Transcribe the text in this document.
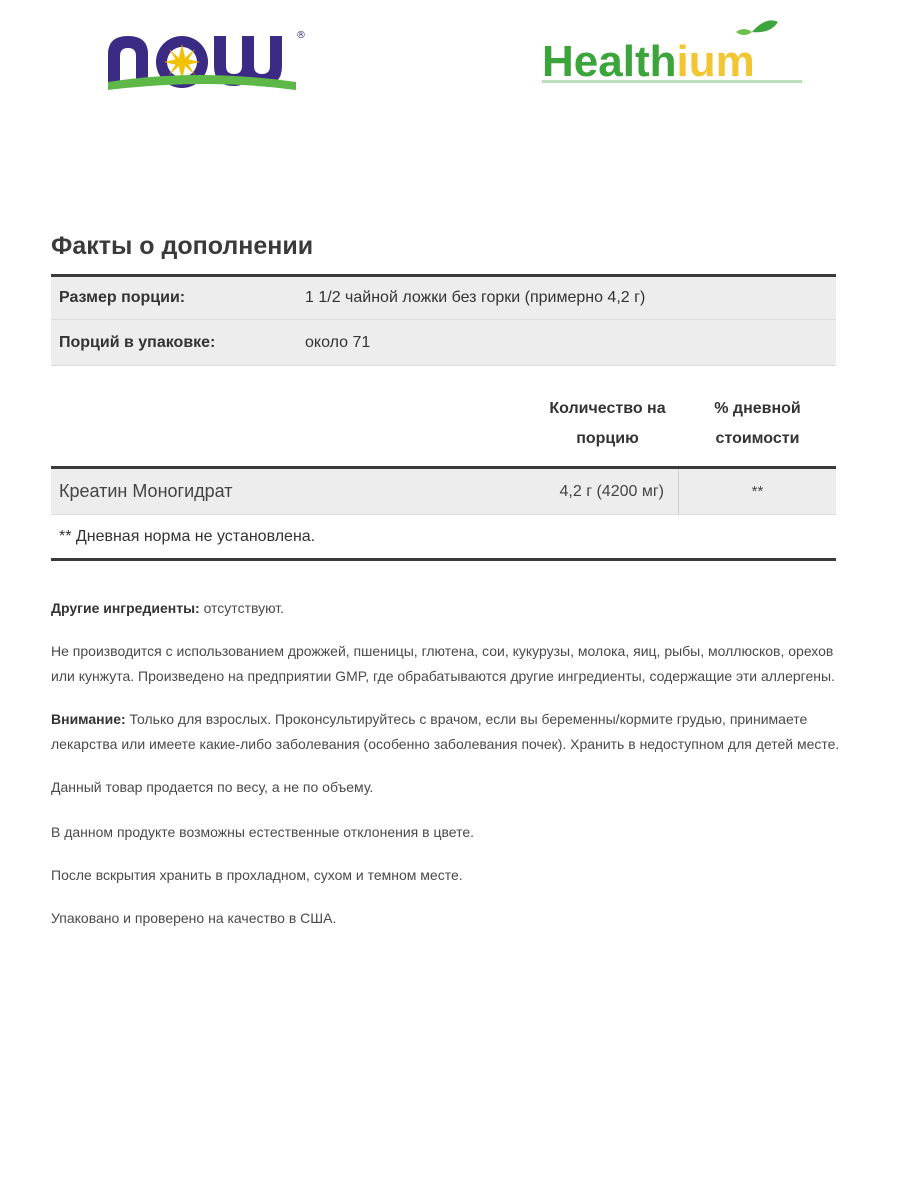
®
Healthium
Факты о дополнении
Размер порции:	1 1/2 чайной ложки без горки (примерно 4,2 г)
Порций в упаковке:	около 71
Количество на
порцию
% дневной
стоимости
Креатин Моногидрат	4,2 г (4200 мг)	**
** Дневная норма не установлена.

Другие ингредиенты: отсутствуют.

Не производится с использованием дрожжей, пшеницы, глютена, сои, кукурузы, молока, яиц, рыбы, моллюсков, орехов или кунжута. Произведено на предприятии GMP, где обрабатываются другие ингредиенты, содержащие эти аллергены.

Внимание: Только для взрослых. Проконсультируйтесь с врачом, если вы беременны/кормите грудью, принимаете лекарства или имеете какие-либо заболевания (особенно заболевания почек). Хранить в недоступном для детей месте.

Данный товар продается по весу, а не по объему.

В данном продукте возможны естественные отклонения в цвете.

После вскрытия хранить в прохладном, сухом и темном месте.

Упаковано и проверено на качество в США.
